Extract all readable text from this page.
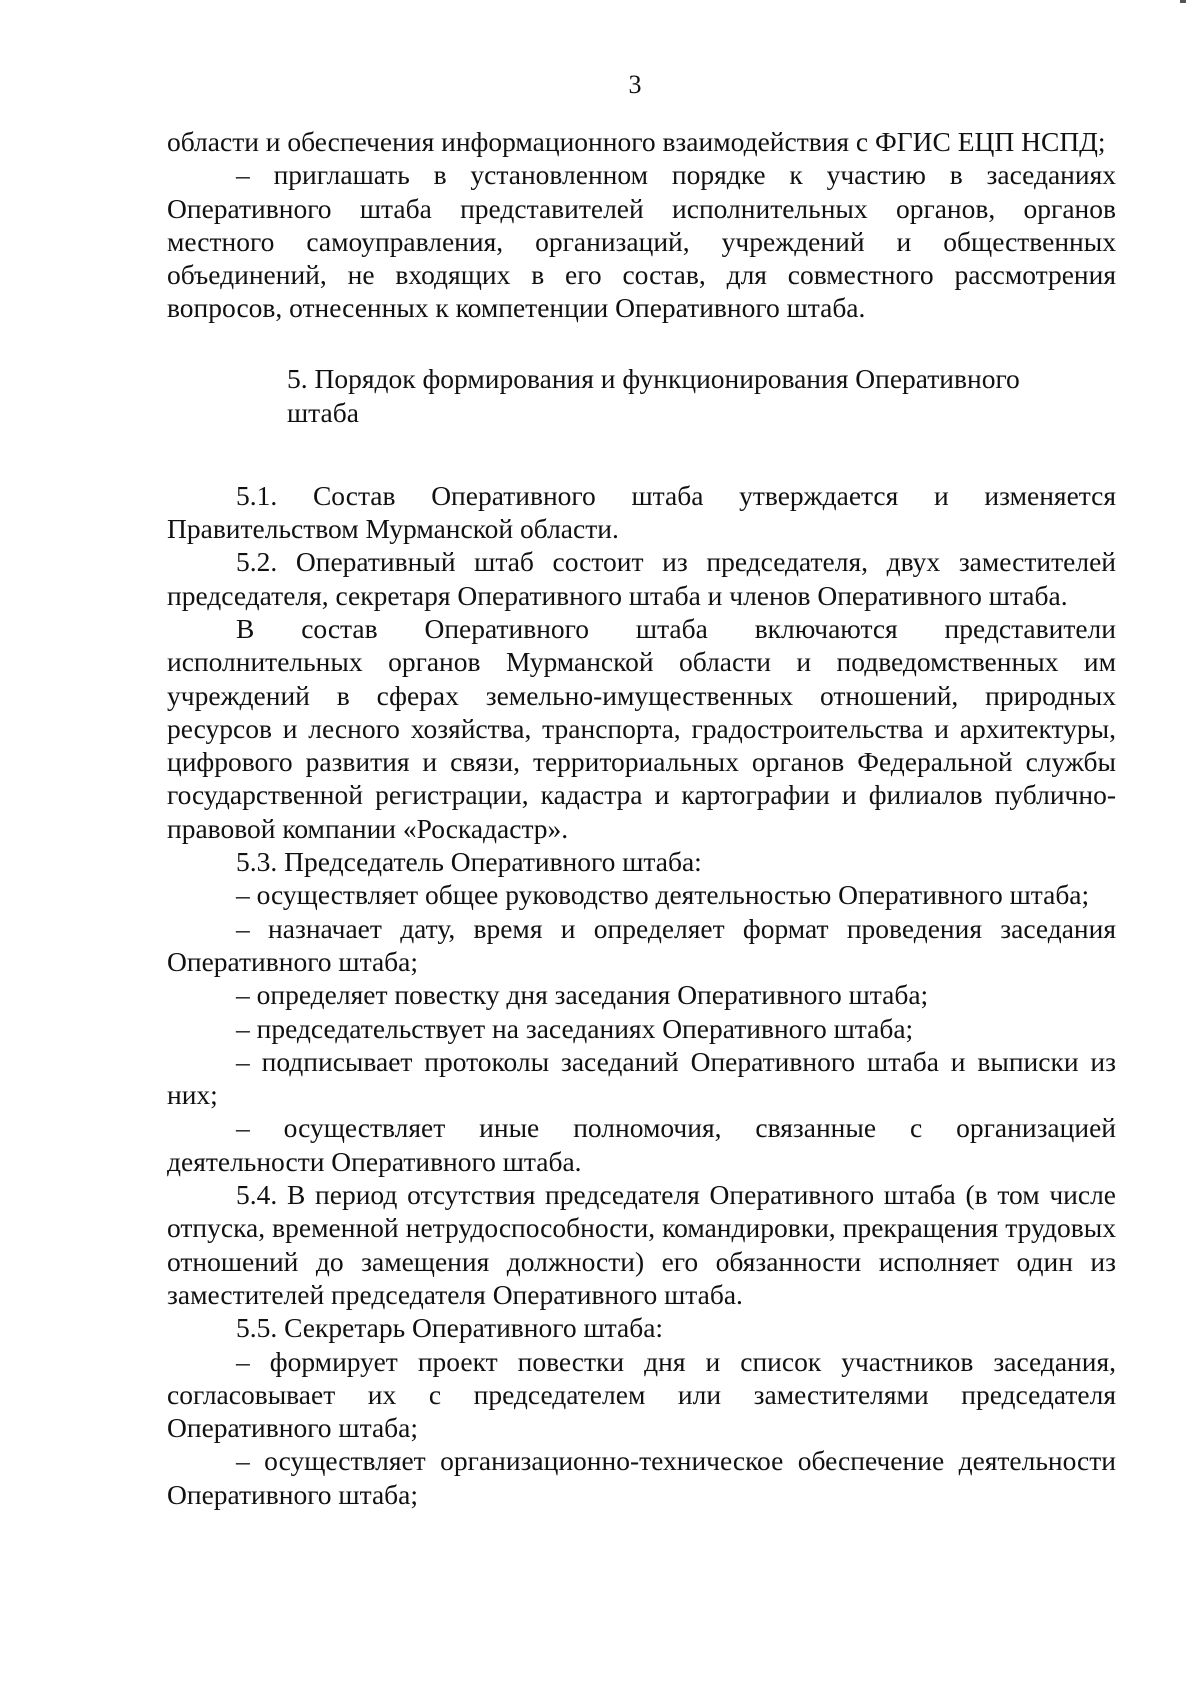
3

области и обеспечения информационного взаимодействия с ФГИС ЕЦП НСПД;

– приглашать в установленном порядке к участию в заседаниях Оперативного штаба представителей исполнительных органов, органов местного самоуправления, организаций, учреждений и общественных объединений, не входящих в его состав, для совместного рассмотрения вопросов, отнесенных к компетенции Оперативного штаба.

5. Порядок формирования и функционирования Оперативного
штаба

5.1. Состав Оперативного штаба утверждается и изменяется Правительством Мурманской области.

5.2. Оперативный штаб состоит из председателя, двух заместителей председателя, секретаря Оперативного штаба и членов Оперативного штаба.

В состав Оперативного штаба включаются представители исполнительных органов Мурманской области и подведомственных им учреждений в сферах земельно-имущественных отношений, природных ресурсов и лесного хозяйства, транспорта, градостроительства и архитектуры, цифрового развития и связи, территориальных органов Федеральной службы государственной регистрации, кадастра и картографии и филиалов публично-правовой компании «Роскадастр».

5.3. Председатель Оперативного штаба:

– осуществляет общее руководство деятельностью Оперативного штаба;

– назначает дату, время и определяет формат проведения заседания Оперативного штаба;

– определяет повестку дня заседания Оперативного штаба;

– председательствует на заседаниях Оперативного штаба;

– подписывает протоколы заседаний Оперативного штаба и выписки из них;

– осуществляет иные полномочия, связанные с организацией деятельности Оперативного штаба.

5.4. В период отсутствия председателя Оперативного штаба (в том числе отпуска, временной нетрудоспособности, командировки, прекращения трудовых отношений до замещения должности) его обязанности исполняет один из заместителей председателя Оперативного штаба.

5.5. Секретарь Оперативного штаба:

– формирует проект повестки дня и список участников заседания, согласовывает их с председателем или заместителями председателя Оперативного штаба;

– осуществляет организационно-техническое обеспечение деятельности Оперативного штаба;
